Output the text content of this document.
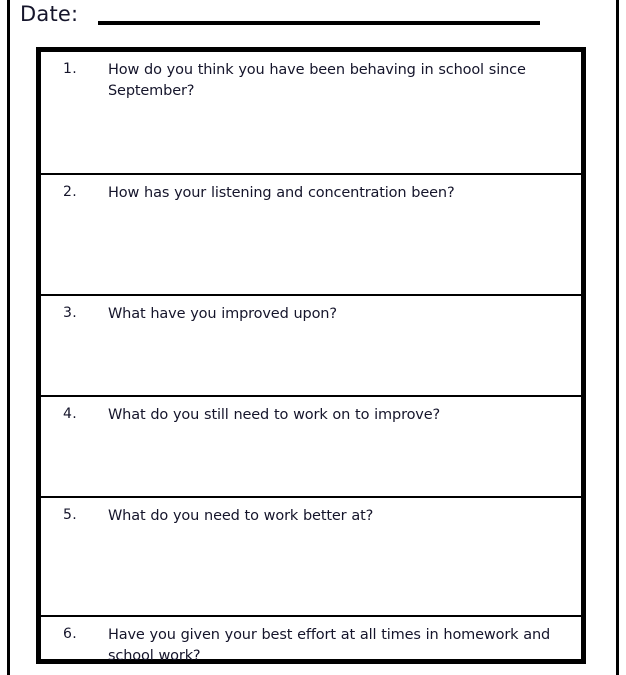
Date:
1.	How do you think you have been behaving in school since September?

2.	How has your listening and concentration been?

3.	What have you improved upon?

4.	What do you still need to work on to improve?

5.	What do you need to work better at?

6.	Have you given your best effort at all times in homework and school work?
